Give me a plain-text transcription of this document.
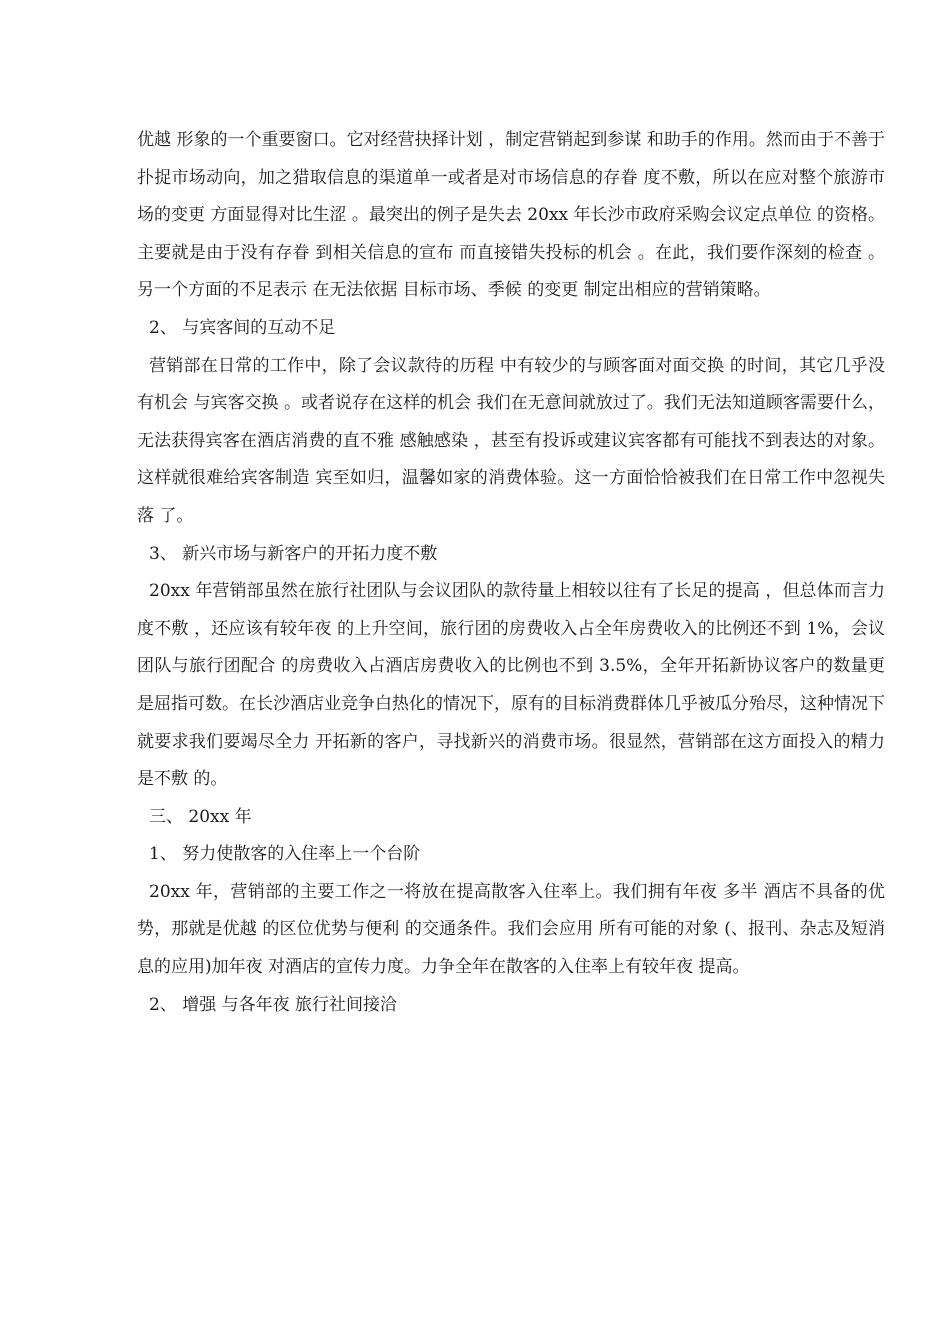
优越 形象的一个重要窗口。它对经营抉择计划 ，制定营销起到参谋 和助手的作用。然而由于不善于扑捉市场动向，加之猎取信息的渠道单一或者是对市场信息的存眷 度不敷，所以在应对整个旅游市场的变更 方面显得对比生涩 。最突出的例子是失去 20xx 年长沙市政府采购会议定点单位 的资格。主要就是由于没有存眷 到相关信息的宣布 而直接错失投标的机会 。在此，我们要作深刻的检查 。另一个方面的不足表示 在无法依据 目标市场、季候 的变更 制定出相应的营销策略。

2、 与宾客间的互动不足

营销部在日常的工作中，除了会议款待的历程 中有较少的与顾客面对面交换 的时间，其它几乎没有机会 与宾客交换 。或者说存在这样的机会 我们在无意间就放过了。我们无法知道顾客需要什么，无法获得宾客在酒店消费的直不雅 感触感染 ，甚至有投诉或建议宾客都有可能找不到表达的对象。这样就很难给宾客制造 宾至如归，温馨如家的消费体验。这一方面恰恰被我们在日常工作中忽视失落 了。

3、 新兴市场与新客户的开拓力度不敷

20xx 年营销部虽然在旅行社团队与会议团队的款待量上相较以往有了长足的提高 ，但总体而言力度不敷 ，还应该有较年夜 的上升空间，旅行团的房费收入占全年房费收入的比例还不到 1%，会议团队与旅行团配合 的房费收入占酒店房费收入的比例也不到 3.5%，全年开拓新协议客户的数量更是屈指可数。在长沙酒店业竞争白热化的情况下，原有的目标消费群体几乎被瓜分殆尽，这种情况下就要求我们要竭尽全力 开拓新的客户，寻找新兴的消费市场。很显然，营销部在这方面投入的精力 是不敷 的。

三、 20xx 年

1、 努力使散客的入住率上一个台阶

20xx 年，营销部的主要工作之一将放在提高散客入住率上。我们拥有年夜 多半 酒店不具备的优势，那就是优越 的区位优势与便利 的交通条件。我们会应用 所有可能的对象 (、报刊、杂志及短消息的应用)加年夜 对酒店的宣传力度。力争全年在散客的入住率上有较年夜 提高。

2、 增强 与各年夜 旅行社间接洽
